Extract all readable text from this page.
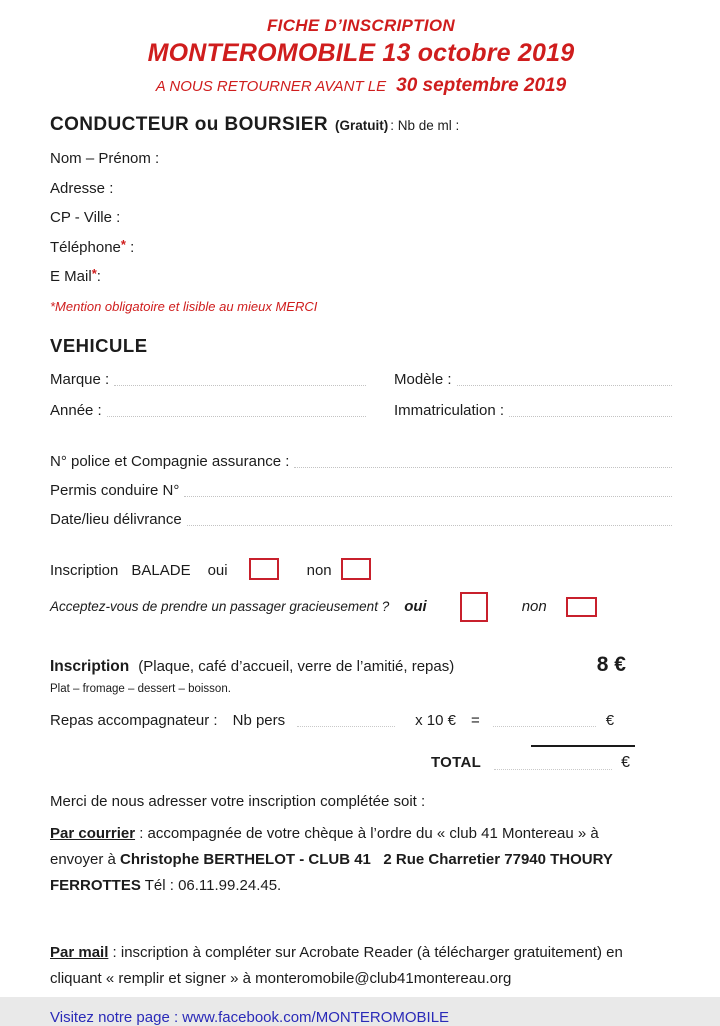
FICHE D’INSCRIPTION
MONTEROMOBILE 13 octobre 2019
A NOUS RETOURNER AVANT LE 30 septembre 2019
CONDUCTEUR ou BOURSIER (Gratuit) : Nb de ml :
Nom – Prénom :
Adresse :
CP - Ville :
Téléphone* :
E Mail*:
*Mention obligatoire et lisible au mieux MERCI
VEHICULE
Marque :	Modèle :
Année :	Immatriculation :
N° police et Compagnie assurance :
Permis conduire N°
Date/lieu délivrance
Inscription BALADE oui	non
Acceptez-vous de prendre un passager gracieusement ? oui	non
Inscription (Plaque, café d’accueil, verre de l’amitié, repas)	8 €
Plat – fromage – dessert – boisson.
Repas accompagnateur : Nb pers	x 10 € =	€
TOTAL	€
Merci de nous adresser votre inscription complétée soit :

Par courrier : accompagnée de votre chèque à l’ordre du « club 41 Montereau » à envoyer à Christophe BERTHELOT - CLUB 41   2 Rue Charretier 77940 THOURY FERROTTES Tél : 06.11.99.24.45.

Par mail : inscription à compléter sur Acrobate Reader (à télécharger gratuitement) en cliquant « remplir et signer » à monteromobile@club41montereau.org

Visitez notre page : www.facebook.com/MONTEROMOBILE
